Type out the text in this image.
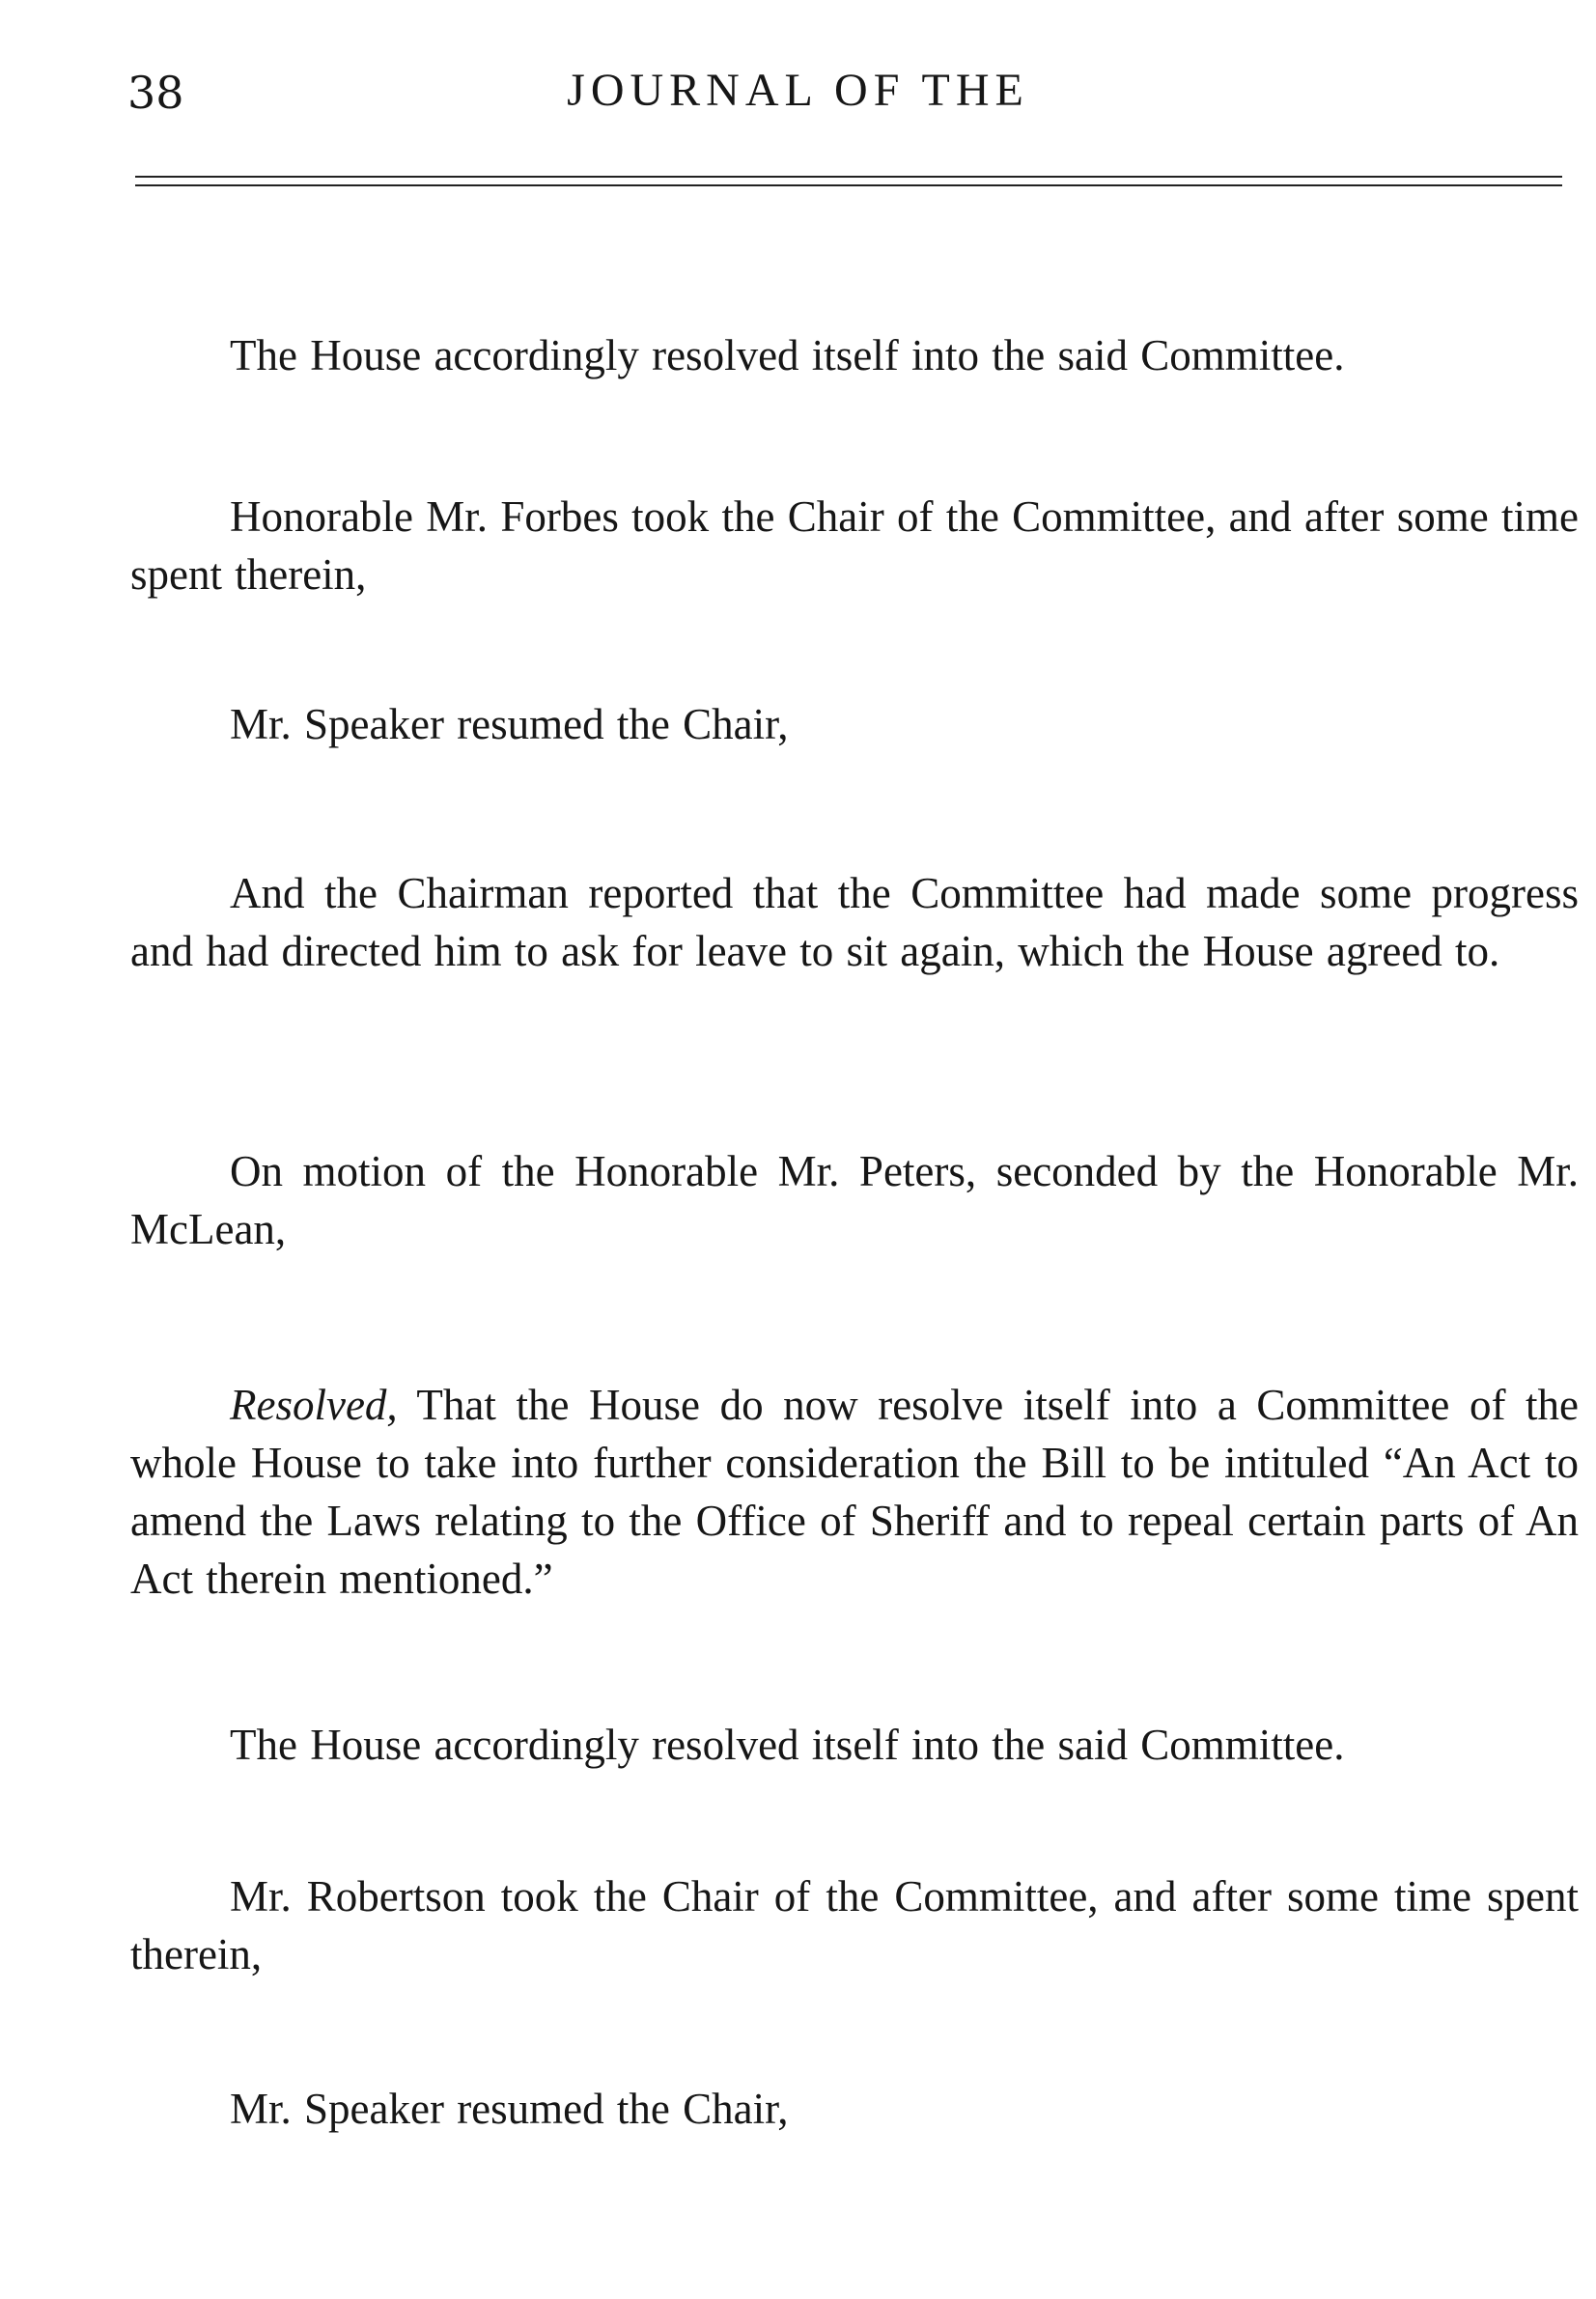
38	JOURNAL OF THE

The House accordingly resolved itself into the said Committee.

Honorable Mr. Forbes took the Chair of the Committee, and after some time spent therein,

Mr. Speaker resumed the Chair,

And the Chairman reported that the Committee had made some progress and had directed him to ask for leave to sit again, which the House agreed to.

On motion of the Honorable Mr. Peters, seconded by the Honorable Mr. McLean,

Resolved, That the House do now resolve itself into a Committee of the whole House to take into further consideration the Bill to be intituled “An Act to amend the Laws relating to the Office of Sheriff and to repeal certain parts of An Act therein mentioned.”

The House accordingly resolved itself into the said Committee.

Mr. Robertson took the Chair of the Committee, and after some time spent therein,

Mr. Speaker resumed the Chair,
